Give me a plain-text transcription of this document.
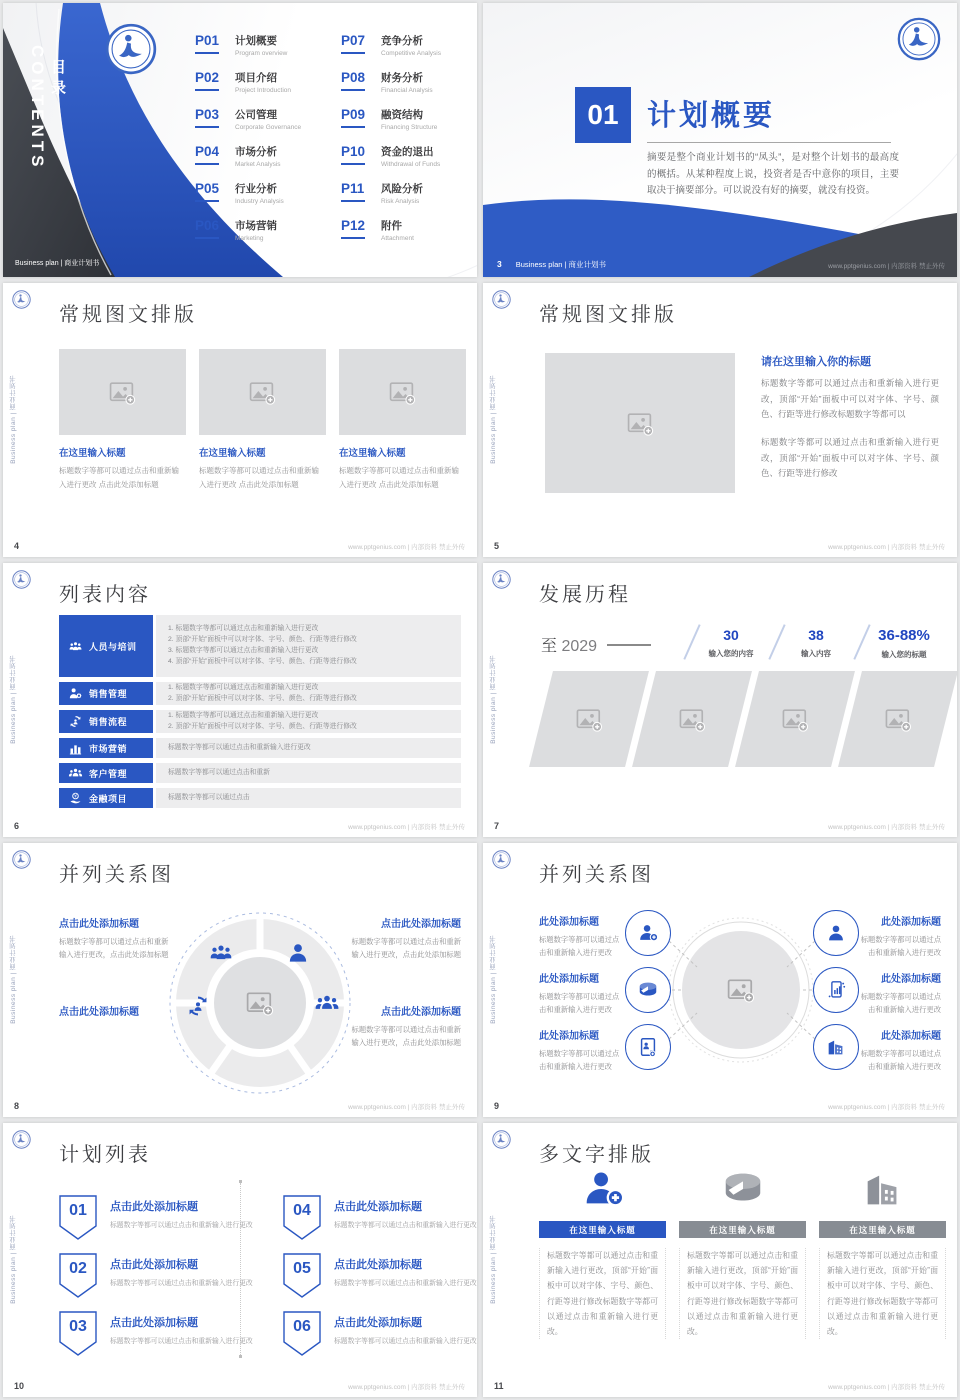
CONTENTS 目录
Business plan | 商业计划书
P01	计划概要
Program overview
P02	项目介绍
Project Introduction
P03	公司管理
Corporate Governance
P04	市场分析
Market Analysis
P05	行业分析
Industry Analysis
P06	市场营销
Marketing
P07	竞争分析
Competitive Analysis
P08	财务分析
Financial Analysis
P09	融资结构
Financing Structure
P10	资金的退出
Withdrawal of Funds
P11	风险分析
Risk Analysis
P12	附件
Attachment
01 计划概要
摘要是整个商业计划书的“凤头”，是对整个计划书的最高度的概括。从某种程度上说，投资者是否中意你的项目，主要取决于摘要部分。可以说没有好的摘要，就没有投资。
3 Business plan | 商业计划书	www.pptgenius.com | 内部资料 禁止外传
常规图文排版
Business plan | 商业计划书	在这里输入标题

标题数字等都可以通过点击和重新输入进行更改 点击此处添加标题

在这里输入标题

标题数字等都可以通过点击和重新输入进行更改 点击此处添加标题

在这里输入标题

标题数字等都可以通过点击和重新输入进行更改 点击此处添加标题

4	www.pptgenius.com | 内部资料 禁止外传
常规图文排版
Business plan | 商业计划书
请在这里输入你的标题
标题数字等都可以通过点击和重新输入进行更改，顶部“开始”面板中可以对字体、字号、颜色、行距等进行修改标题数字等都可以
标题数字等都可以通过点击和重新输入进行更改，顶部“开始”面板中可以对字体、字号、颜色、行距等进行修改
5	www.pptgenius.com | 内部资料 禁止外传
列表内容
Business plan | 商业计划书
人员与培训
1. 标题数字等都可以通过点击和重新输入进行更改
2. 顶部“开始”面板中可以对字体、字号、颜色、行距等进行修改
3. 标题数字等都可以通过点击和重新输入进行更改
4. 顶部“开始”面板中可以对字体、字号、颜色、行距等进行修改
销售管理
1. 标题数字等都可以通过点击和重新输入进行更改
2. 顶部“开始”面板中可以对字体、字号、颜色、行距等进行修改
销售流程
1. 标题数字等都可以通过点击和重新输入进行更改
2. 顶部“开始”面板中可以对字体、字号、颜色、行距等进行修改
市场营销	标题数字等都可以通过点击和重新输入进行更改
客户管理	标题数字等都可以通过点击和重新
¥ 金融项目	标题数字等都可以通过点击
6	www.pptgenius.com | 内部资料 禁止外传
发展历程
Business plan | 商业计划书
至 2029
30
输入您的内容
38
输入内容
36-88%
输入您的标题
7	www.pptgenius.com | 内部资料 禁止外传
并列关系图
Business plan | 商业计划书
点击此处添加标题

标题数字等都可以通过点击和重新输入进行更改，点击此处添加标题

点击此处添加标题

标题数字等都可以通过点击和重新输入进行更改，点击此处添加标题

点击此处添加标题	点击此处添加标题

标题数字等都可以通过点击和重新输入进行更改，点击此处添加标题

8	www.pptgenius.com | 内部资料 禁止外传
并列关系图
Business plan | 商业计划书
此处添加标题

标题数字等都可以通过点击和重新输入进行更改

此处添加标题

标题数字等都可以通过点击和重新输入进行更改

此处添加标题

标题数字等都可以通过点击和重新输入进行更改

此处添加标题

标题数字等都可以通过点击和重新输入进行更改

此处添加标题

标题数字等都可以通过点击和重新输入进行更改

此处添加标题

标题数字等都可以通过点击和重新输入进行更改

9	www.pptgenius.com | 内部资料 禁止外传
计划列表
Business plan | 商业计划书
01	点击此处添加标题

标题数字等都可以通过点击和重新输入进行更改

02	点击此处添加标题

标题数字等都可以通过点击和重新输入进行更改

03	点击此处添加标题

标题数字等都可以通过点击和重新输入进行更改

04	点击此处添加标题

标题数字等都可以通过点击和重新输入进行更改

05	点击此处添加标题

标题数字等都可以通过点击和重新输入进行更改

06	点击此处添加标题

标题数字等都可以通过点击和重新输入进行更改

10	www.pptgenius.com | 内部资料 禁止外传
多文字排版
Business plan | 商业计划书	在这里输入标题
标题数字等都可以通过点击和重新输入进行更改，顶部“开始”面板中可以对字体、字号、颜色、行距等进行修改标题数字等都可以通过点击和重新输入进行更改。
在这里输入标题
标题数字等都可以通过点击和重新输入进行更改，顶部“开始”面板中可以对字体、字号、颜色、行距等进行修改标题数字等都可以通过点击和重新输入进行更改。
在这里输入标题
标题数字等都可以通过点击和重新输入进行更改，顶部“开始”面板中可以对字体、字号、颜色、行距等进行修改标题数字等都可以通过点击和重新输入进行更改。
11	www.pptgenius.com | 内部资料 禁止外传
